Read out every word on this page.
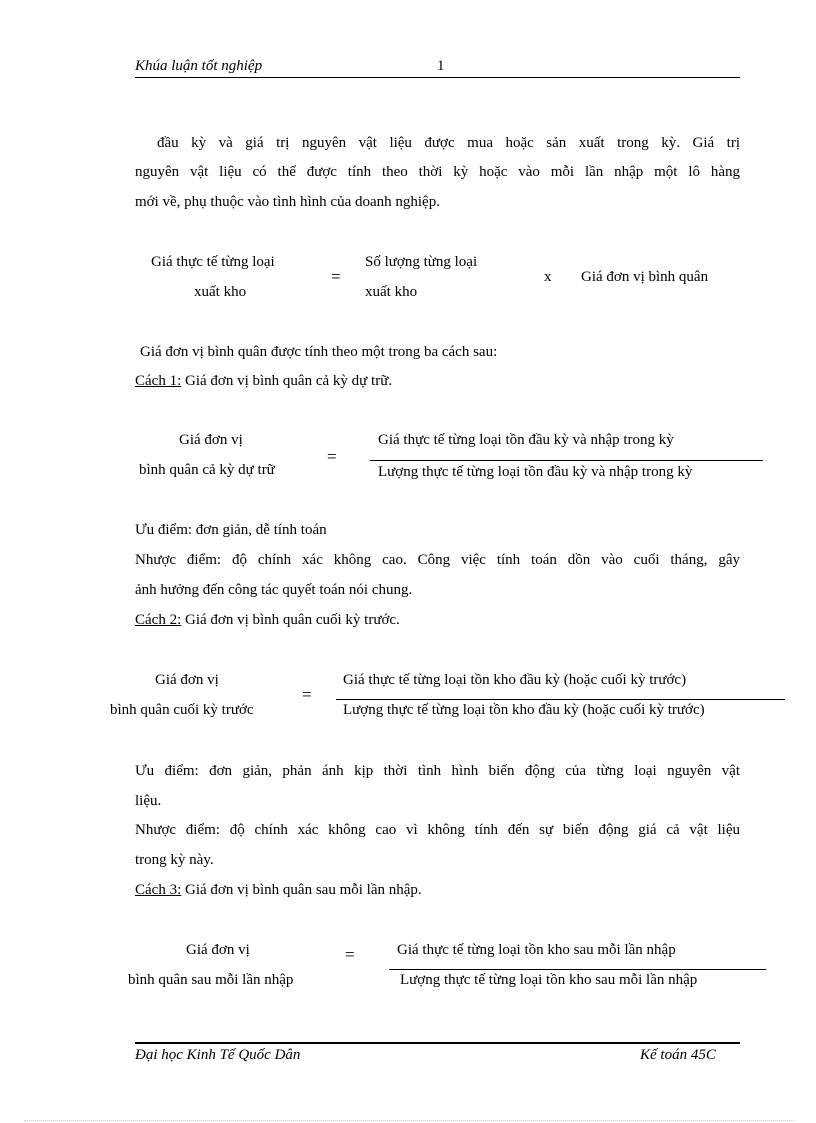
Khúa luận tốt nghiệp	1
đầu kỳ và giá trị nguyên vật liệu được mua hoặc sản xuất trong kỳ. Giá trị
nguyên vật liệu có thể được tính theo thời kỳ hoặc vào mỗi lần nhập một lô hàng
mới về, phụ thuộc vào tình hình của doanh nghiệp.
Giá thực tế từng loại
xuất kho
=
Số lượng từng loại
xuất kho
x Giá đơn vị bình quân
Giá đơn vị bình quân được tính theo một trong ba cách sau:
Cách 1: Giá đơn vị bình quân cả kỳ dự trữ.
Giá đơn vị
bình quân cả kỳ dự trữ
=
Giá thực tế từng loại tồn đầu kỳ và nhập trong kỳ
Lượng thực tế từng loại tồn đầu kỳ và nhập trong kỳ
Ưu điểm: đơn giản, dễ tính toán
Nhược điểm: độ chính xác không cao. Công việc tính toán dồn vào cuối tháng, gây
ảnh hưởng đến công tác quyết toán nói chung.
Cách 2: Giá đơn vị bình quân cuối kỳ trước.
Giá đơn vị
bình quân cuối kỳ trước
=
Giá thực tế từng loại tồn kho đầu kỳ (hoặc cuối kỳ trước)
Lượng thực tế từng loại tồn kho đầu kỳ (hoặc cuối kỳ trước)
Ưu điểm: đơn giản, phản ánh kịp thời tình hình biến động của từng loại nguyên vật
liệu.
Nhược điểm: độ chính xác không cao vì không tính đến sự biến động giá cả vật liệu
trong kỳ này.
Cách 3: Giá đơn vị bình quân sau mỗi lần nhập.
Giá đơn vị
bình quân sau mỗi lần nhập
=	Giá thực tế từng loại tồn kho sau mỗi lần nhập
Lượng thực tế từng loại tồn kho sau mỗi lần nhập
Đại học Kinh Tế Quốc Dân	Kế toán 45C
